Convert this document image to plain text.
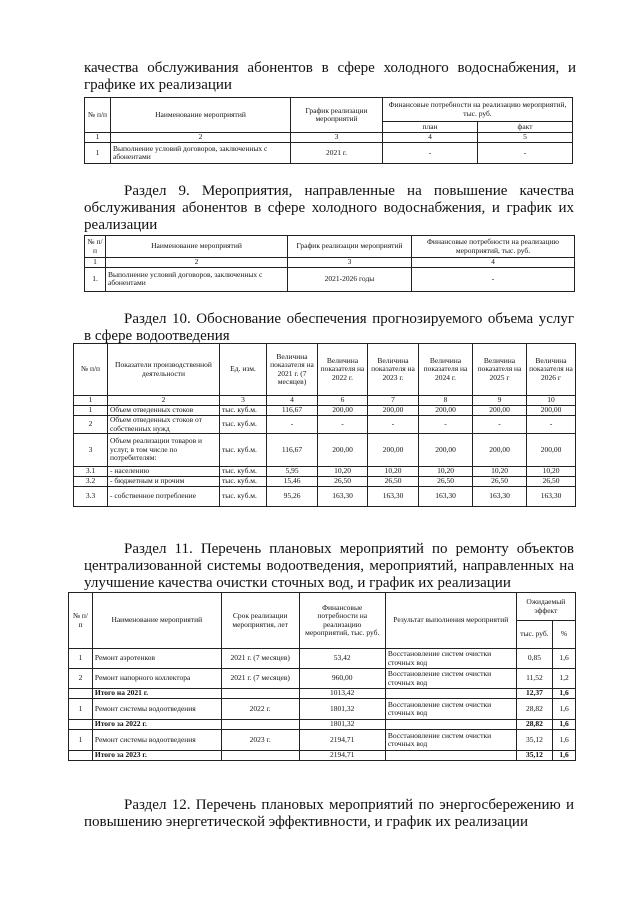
качества обслуживания абонентов в сфере холодного водоснабжения, и графике их реализации

№ п/п	Наименование мероприятий	График реализации мероприятий	Финансовые потребности на реализацию мероприятий, тыс. руб.	
			план	факт
1	2	3	4	5
1	Выполнение условий договоров, заключенных с абонентами	2021 г.	-	-

Раздел 9. Мероприятия, направленные на повышение качества обслуживания абонентов в сфере холодного водоснабжения, и график их реализации

№ п/п	Наименование мероприятий	График реализации мероприятий	Финансовые потребности на реализацию мероприятий, тыс. руб.
1	2	3	4
1.	Выполнение условий договоров, заключенных с абонентами	2021-2026 годы	-

Раздел 10. Обоснование обеспечения прогнозируемого объема услуг в сфере водоотведения

№ п/п	Показатели производственной деятельности	Ед. изм.	Величина показателя на 2021 г. (7 месяцев)	Величина показателя на 2022 г.	Величина показателя на 2023 г.	Величина показателя на 2024 г.	Величина показателя на 2025 г	Величина показателя на 2026 г
1	2	3	4	6	7	8	9	10
1	Объем отведенных стоков	тыс. куб.м.	116,67	200,00	200,00	200,00	200,00	200,00
2	Объем отведенных стоков от собственных нужд	тыс. куб.м.	-	-	-	-	-	-
3	Объем реализации товаров и услуг, в том числе по потребителям:	тыс. куб.м.	116,67	200,00	200,00	200,00	200,00	200,00
3.1	- населению	тыс. куб.м.	5,95	10,20	10,20	10,20	10,20	10,20
3.2	- бюджетным и прочим	тыс. куб.м.	15,46	26,50	26,50	26,50	26,50	26,50
3.3	- собственное потребление	тыс. куб.м.	95,26	163,30	163,30	163,30	163,30	163,30

Раздел 11. Перечень плановых мероприятий по ремонту объектов централизованной системы водоотведения, мероприятий, направленных на улучшение качества очистки сточных вод, и график их реализации

№ п/ п	Наименование мероприятий	Срок реализации мероприятия, лет	Финансовые потребности на реализацию мероприятий, тыс. руб.	Результат выполнения мероприятий	Ожидаемый эффект	
					тыс. руб.	%
1	Ремонт аэротенков	2021 г. (7 месяцев)	53,42	Восстановление систем очистки сточных вод	0,85	1,6
2	Ремонт напорного коллектора	2021 г. (7 месяцев)	960,00	Восстановление систем очистки сточных вод	11,52	1,2
	Итого на 2021 г.		1013,42		12,37	1,6
1	Ремонт системы водоотведения	2022 г.	1801,32	Восстановление систем очистки сточных вод	28,82	1,6
	Итого за 2022 г.		1801,32		28,82	1,6
1	Ремонт системы водоотведения	2023 г.	2194,71	Восстановление систем очистки сточных вод	35,12	1,6
	Итого за 2023 г.		2194,71		35,12	1,6

Раздел 12. Перечень плановых мероприятий по энергосбережению и повышению энергетической эффективности, и график их реализации
